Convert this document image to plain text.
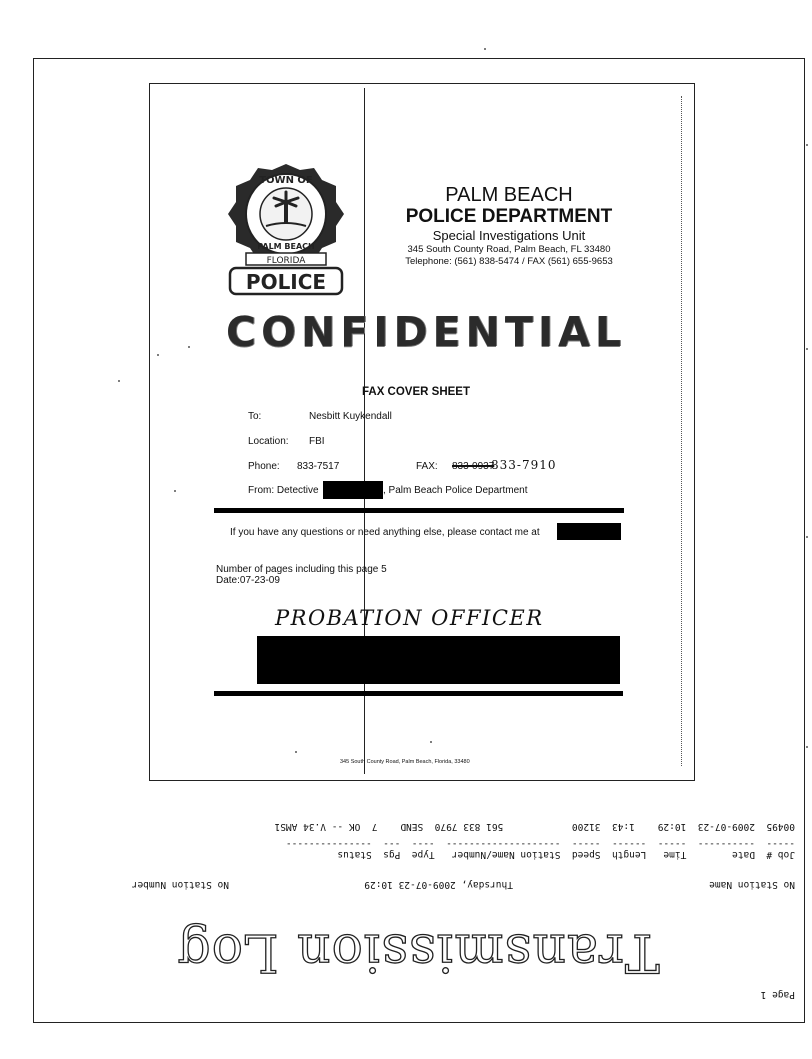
TOWN OF
PALM BEACH
FLORIDA
POLICE
PALM BEACH
POLICE DEPARTMENT
Special Investigations Unit
345 South County Road, Palm Beach, FL 33480
Telephone: (561) 838-5474 / FAX (561) 655-9653
CONFIDENTIAL
FAX COVER SHEET
To:	Nesbitt Kuykendall
Location: FBI
Phone: 833-7517	FAX: 833-0937
833-7910
From: Detective	, Palm Beach Police Department
If you have any questions or need anything else, please contact me at
Number of pages including this page 5
Date:07-23-09
PROBATION OFFICER
345 South County Road, Palm Beach, Florida, 33480
Page 1
Transmission Log
No Station Name
Thursday, 2009-07-23 10:29
No Station Number
Job #  Date        Time   Length  Speed  Station Name/Number   Type  Pgs  Status
-----  ----------  -----  ------  -----  --------------------  ----  ---  ---------------
00495  2009-07-23  10:29    1:43  31200            561 833 7970  SEND    7  OK -- V.34 AMS1
